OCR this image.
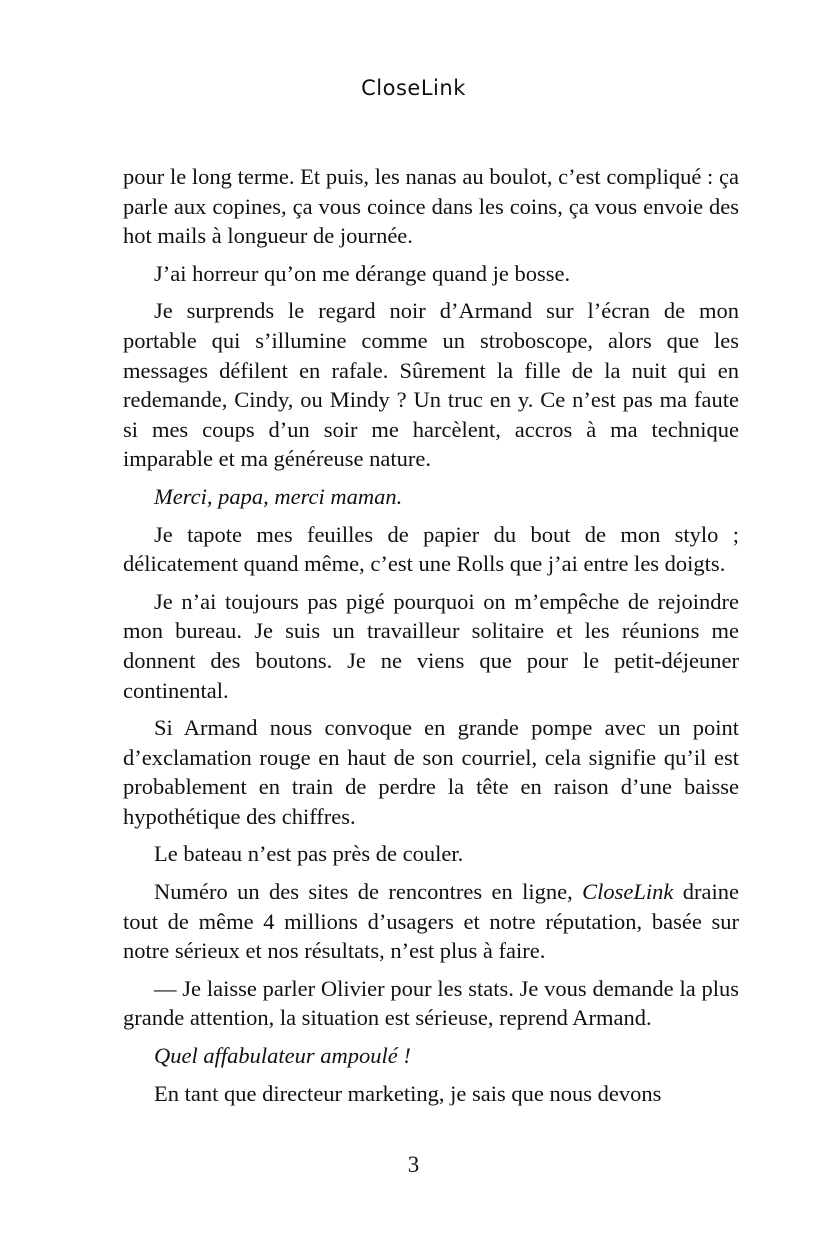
CloseLink

pour le long terme. Et puis, les nanas au boulot, c’est compliqué : ça parle aux copines, ça vous coince dans les coins, ça vous envoie des hot mails à longueur de journée.

J’ai horreur qu’on me dérange quand je bosse.

Je surprends le regard noir d’Armand sur l’écran de mon portable qui s’illumine comme un stroboscope, alors que les messages défilent en rafale. Sûrement la fille de la nuit qui en redemande, Cindy, ou Mindy ? Un truc en y. Ce n’est pas ma faute si mes coups d’un soir me harcèlent, accros à ma technique imparable et ma généreuse nature.

Merci, papa, merci maman.

Je tapote mes feuilles de papier du bout de mon stylo ; délicatement quand même, c’est une Rolls que j’ai entre les doigts.

Je n’ai toujours pas pigé pourquoi on m’empêche de rejoindre mon bureau. Je suis un travailleur solitaire et les réunions me donnent des boutons. Je ne viens que pour le petit-déjeuner continental.

Si Armand nous convoque en grande pompe avec un point d’exclamation rouge en haut de son courriel, cela signifie qu’il est probablement en train de perdre la tête en raison d’une baisse hypothétique des chiffres.

Le bateau n’est pas près de couler.

Numéro un des sites de rencontres en ligne, CloseLink draine tout de même 4 millions d’usagers et notre réputation, basée sur notre sérieux et nos résultats, n’est plus à faire.

— Je laisse parler Olivier pour les stats. Je vous demande la plus grande attention, la situation est sérieuse, reprend Armand.

Quel affabulateur ampoulé !

En tant que directeur marketing, je sais que nous devons

3
